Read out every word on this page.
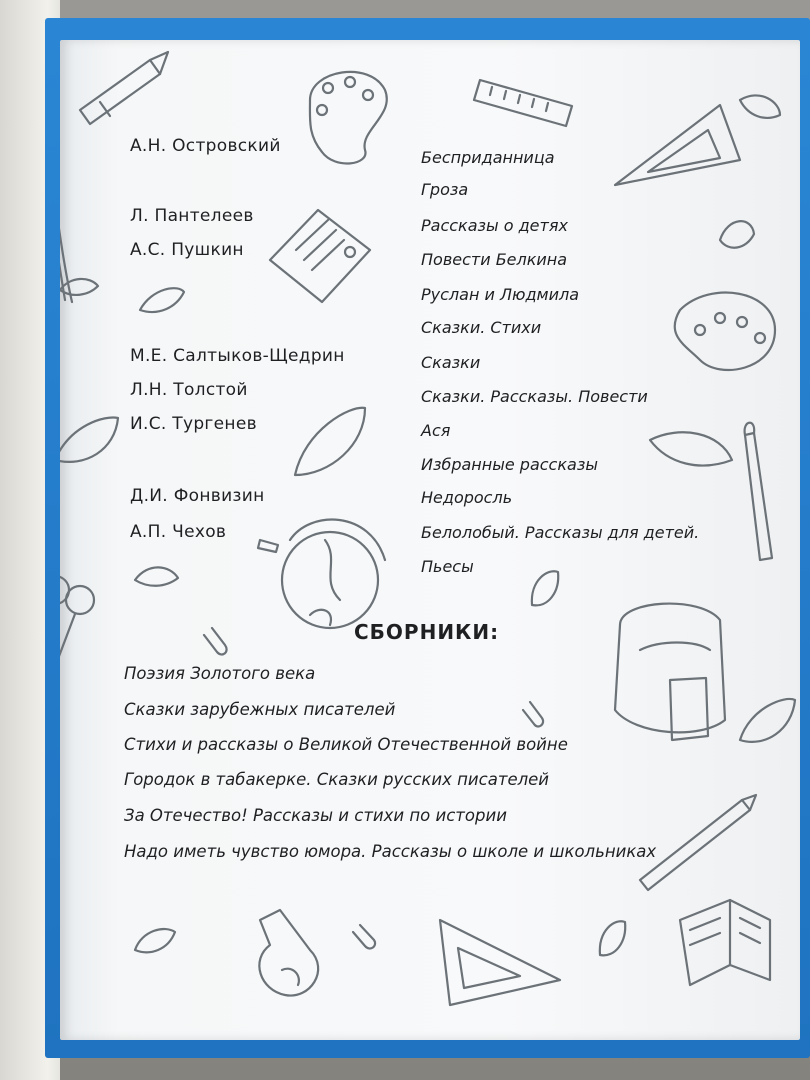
А.Н. Островский
Л. Пантелеев
А.С. Пушкин
М.Е. Салтыков-Щедрин
Л.Н. Толстой
И.С. Тургенев
Д.И. Фонвизин
А.П. Чехов
Бесприданница
Гроза
Рассказы о детях
Повести Белкина
Руслан и Людмила
Сказки. Стихи
Сказки
Сказки. Рассказы. Повести
Ася
Избранные рассказы
Недоросль
Белолобый. Рассказы для детей.
Пьесы
СБОРНИКИ:
Поэзия Золотого века
Сказки зарубежных писателей
Стихи и рассказы о Великой Отечественной войне
Городок в табакерке. Сказки русских писателей
За Отечество! Рассказы и стихи по истории
Надо иметь чувство юмора. Рассказы о школе и школьниках
